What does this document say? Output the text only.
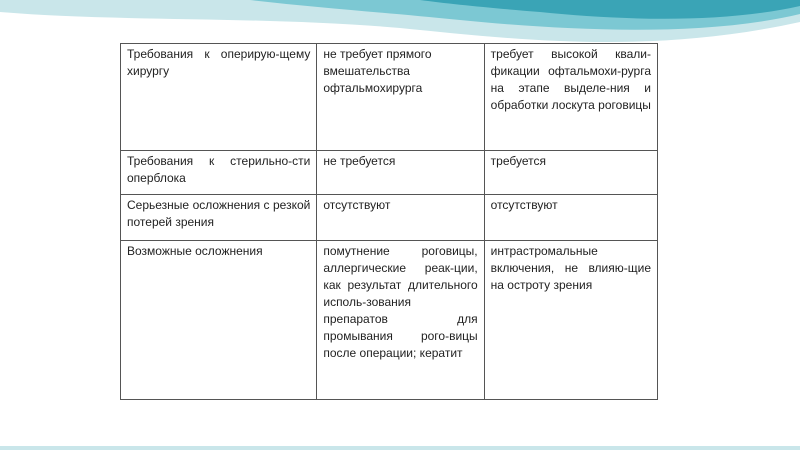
Требования к оперирую-щему хирургу	не требует прямого вмешательства офтальмохирурга	требует высокой квали-фикации офтальмохи-рурга на этапе выделе-ния и обработки лоскута роговицы
Требования к стерильно-сти оперблока	не требуется	требуется
Серьезные осложнения с резкой потерей зрения	отсутствуют	отсутствуют
Возможные осложнения	помутнение роговицы, аллергические реак-ции, как результат длительного исполь-зования препаратов для промывания рого-вицы после операции; кератит	интрастромальные включения, не влияю-щие на остроту зрения
